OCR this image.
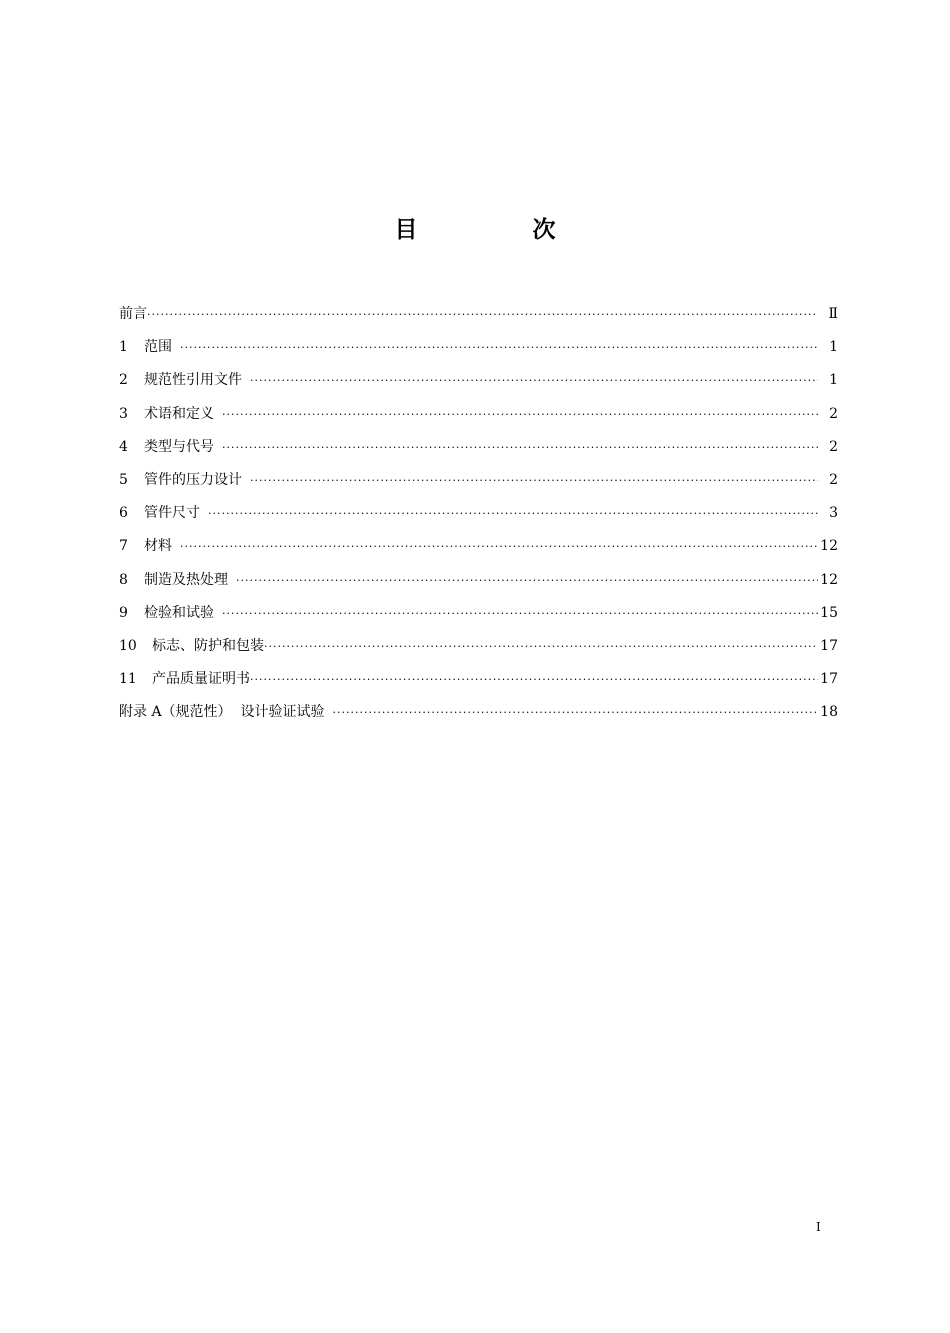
目　次
前言 ·····	Ⅱ
1	范围 ·····	1
2	规范性引用文件 ·····	1
3	术语和定义 ·····	2
4	类型与代号 ·····	2
5	管件的压力设计 ·····	2
6	管件尺寸 ·····	3
7	材料 ·····	12
8	制造及热处理 ·····	12
9	检验和试验 ·····	15
10	标志、防护和包装 ·····	17
11	产品质量证明书 ·····	17
附录 A（规范性）  设计验证试验 ·····	18
I
